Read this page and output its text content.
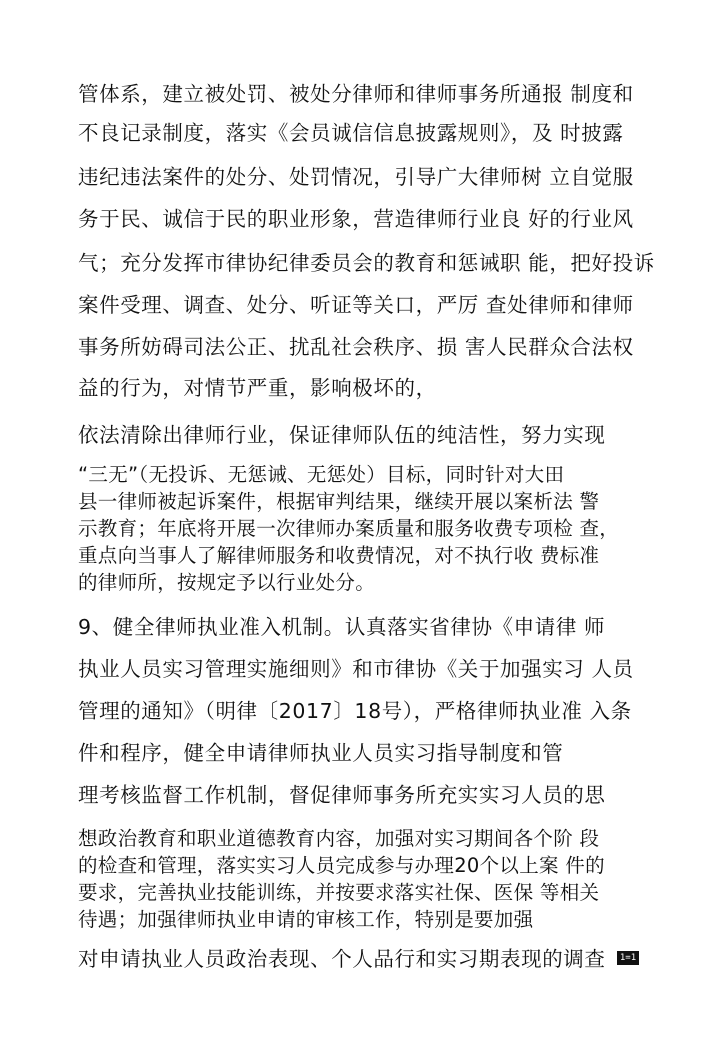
管体系，建立被处罚、被处分律师和律师事务所通报 制度和
不良记录制度，落实《会员诚信信息披露规则》，及 时披露
违纪违法案件的处分、处罚情况，引导广大律师树 立自觉服
务于民、诚信于民的职业形象，营造律师行业良 好的行业风
气；充分发挥市律协纪律委员会的教育和惩诫职 能，把好投诉
案件受理、调查、处分、听证等关口，严厉 查处律师和律师
事务所妨碍司法公正、扰乱社会秩序、损 害人民群众合法权
益的行为，对情节严重，影响极坏的，
依法清除出律师行业，保证律师队伍的纯洁性，努力实现
“三无”（无投诉、无惩诫、无惩处）目标，同时针对大田
县一律师被起诉案件，根据审判结果，继续开展以案析法 警
示教育；年底将开展一次律师办案质量和服务收费专项检 查，
重点向当事人了解律师服务和收费情况，对不执行收 费标准
的律师所，按规定予以行业处分。
9、健全律师执业准入机制。认真落实省律协《申请律 师
执业人员实习管理实施细则》和市律协《关于加强实习 人员
管理的通知》（明律〔2017〕18号），严格律师执业准 入条
件和程序，健全申请律师执业人员实习指导制度和管
理考核监督工作机制，督促律师事务所充实实习人员的思
想政治教育和职业道德教育内容，加强对实习期间各个阶 段
的检查和管理，落实实习人员完成参与办理20个以上案 件的
要求，完善执业技能训练，并按要求落实社保、医保 等相关
待遇；加强律师执业申请的审核工作，特别是要加强
对申请执业人员政治表现、个人品行和实习期表现的调查	1=1
